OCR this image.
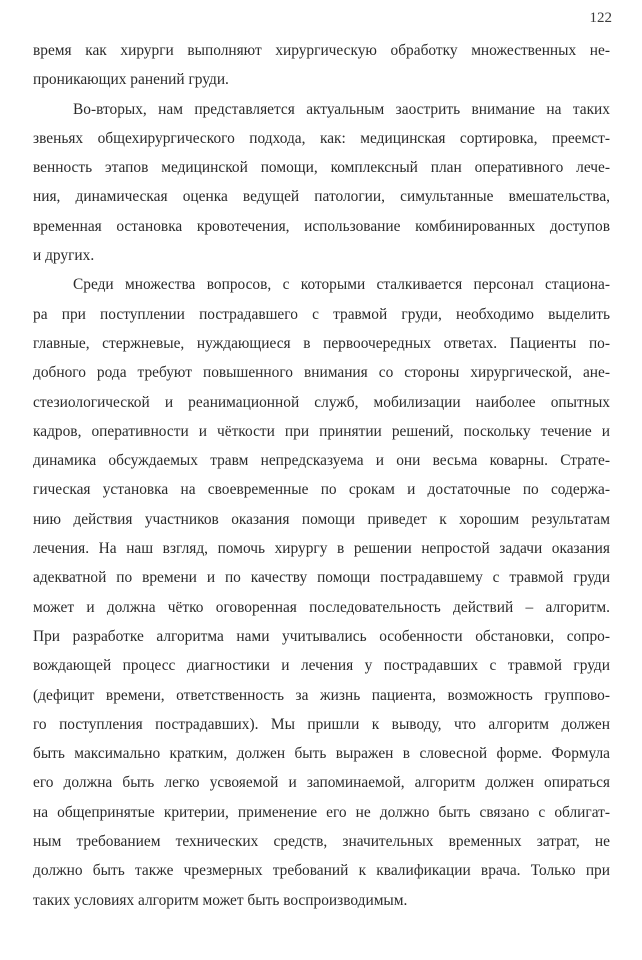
122
время как хирурги выполняют хирургическую обработку множественных не-
проникающих ранений груди.
Во-вторых, нам представляется актуальным заострить внимание на таких
звеньях общехирургического подхода, как: медицинская сортировка, преемст-
венность этапов медицинской помощи, комплексный план оперативного лече-
ния, динамическая оценка ведущей патологии, симультанные вмешательства,
временная остановка кровотечения, использование комбинированных доступов
и других.
Среди множества вопросов, с которыми сталкивается персонал стациона-
ра при поступлении пострадавшего с травмой груди, необходимо выделить
главные, стержневые, нуждающиеся в первоочередных ответах. Пациенты по-
добного рода требуют повышенного внимания со стороны хирургической, ане-
стезиологической и реанимационной служб, мобилизации наиболее опытных
кадров, оперативности и чёткости при принятии решений, поскольку течение и
динамика обсуждаемых травм непредсказуема и они весьма коварны. Страте-
гическая установка на своевременные по срокам и достаточные по содержа-
нию действия участников оказания помощи приведет к хорошим результатам
лечения. На наш взгляд, помочь хирургу в решении непростой задачи оказания
адекватной по времени и по качеству помощи пострадавшему с травмой груди
может и должна чётко оговоренная последовательность действий – алгоритм.
При разработке алгоритма нами учитывались особенности обстановки, сопро-
вождающей процесс диагностики и лечения у пострадавших с травмой груди
(дефицит времени, ответственность за жизнь пациента, возможность группово-
го поступления пострадавших). Мы пришли к выводу, что алгоритм должен
быть максимально кратким, должен быть выражен в словесной форме. Формула
его должна быть легко усвояемой и запоминаемой, алгоритм должен опираться
на общепринятые критерии, применение его не должно быть связано с облигат-
ным требованием технических средств, значительных временных затрат, не
должно быть также чрезмерных требований к квалификации врача. Только при
таких условиях алгоритм может быть воспроизводимым.
